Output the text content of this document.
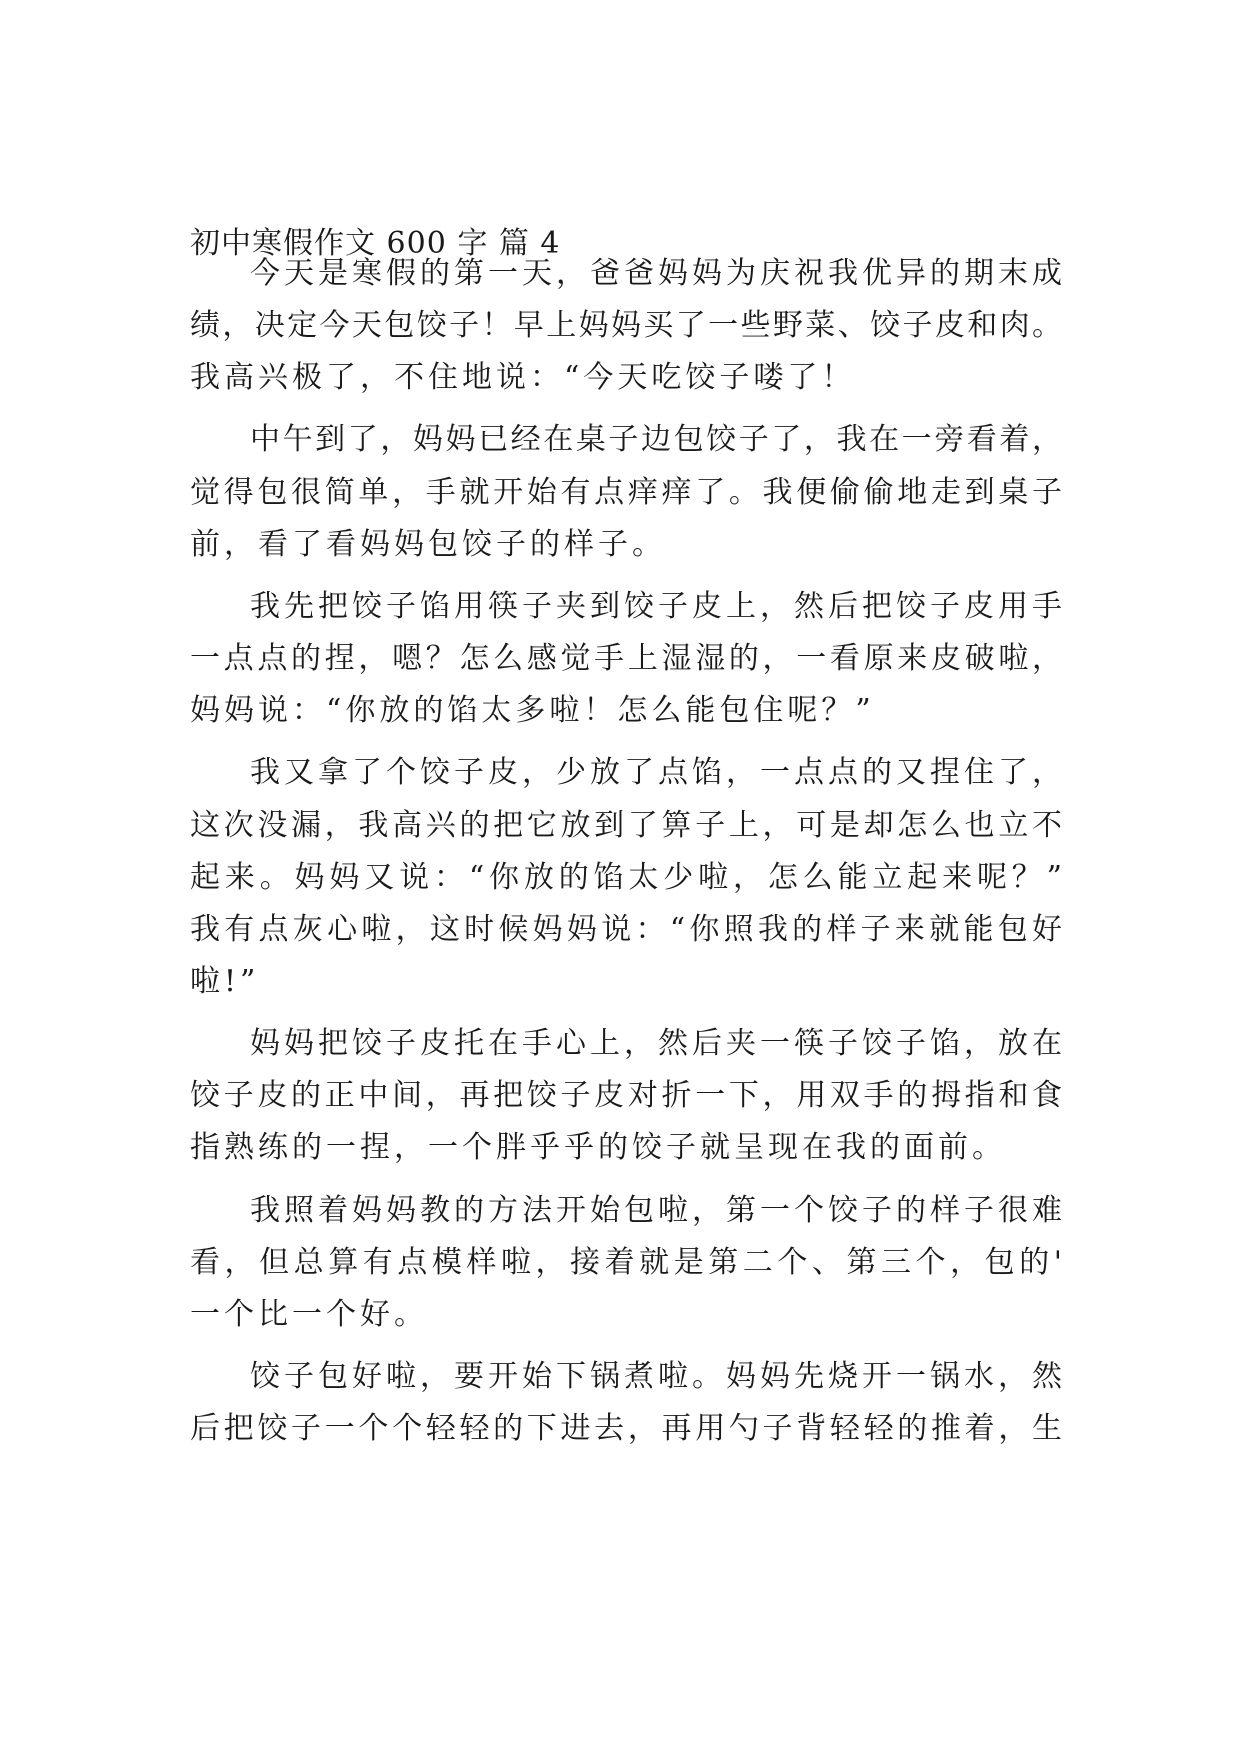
初中寒假作文 600 字 篇 4

今天是寒假的第一天，爸爸妈妈为庆祝我优异的期末成

绩，决定今天包饺子！早上妈妈买了一些野菜、饺子皮和肉。

我高兴极了，不住地说：“今天吃饺子喽了！

中午到了，妈妈已经在桌子边包饺子了，我在一旁看着，

觉得包很简单，手就开始有点痒痒了。我便偷偷地走到桌子

前，看了看妈妈包饺子的样子。

我先把饺子馅用筷子夹到饺子皮上，然后把饺子皮用手

一点点的捏，嗯？怎么感觉手上湿湿的，一看原来皮破啦，

妈妈说：“你放的馅太多啦！怎么能包住呢？”

我又拿了个饺子皮，少放了点馅，一点点的又捏住了，

这次没漏，我高兴的把它放到了箅子上，可是却怎么也立不

起来。妈妈又说：“你放的馅太少啦，怎么能立起来呢？”

我有点灰心啦，这时候妈妈说：“你照我的样子来就能包好

啦!”

妈妈把饺子皮托在手心上，然后夹一筷子饺子馅，放在

饺子皮的正中间，再把饺子皮对折一下，用双手的拇指和食

指熟练的一捏，一个胖乎乎的饺子就呈现在我的面前。

我照着妈妈教的方法开始包啦，第一个饺子的样子很难

看，但总算有点模样啦，接着就是第二个、第三个，包的'

一个比一个好。

饺子包好啦，要开始下锅煮啦。妈妈先烧开一锅水，然

后把饺子一个个轻轻的下进去，再用勺子背轻轻的推着，生
